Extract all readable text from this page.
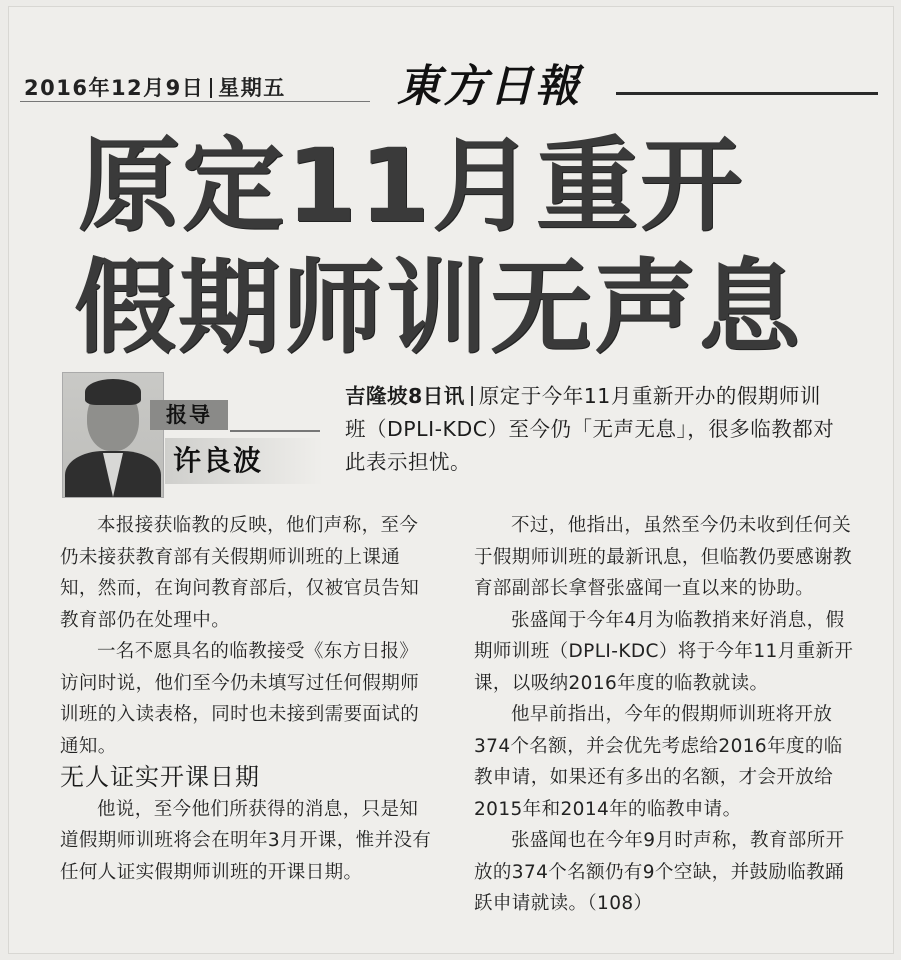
2016年12月9日 星期五	東方日報
原定11月重开
假期师训无声息
报导
许良波
吉隆坡8日讯 原定于今年11月重新开办的假期师训班（DPLI-KDC）至今仍「无声无息」，很多临教都对此表示担忧。

本报接获临教的反映，他们声称，至今仍未接获教育部有关假期师训班的上课通知，然而，在询问教育部后，仅被官员告知教育部仍在处理中。

一名不愿具名的临教接受《东方日报》访问时说，他们至今仍未填写过任何假期师训班的入读表格，同时也未接到需要面试的通知。

无人证实开课日期

他说，至今他们所获得的消息，只是知道假期师训班将会在明年3月开课，惟并没有任何人证实假期师训班的开课日期。

不过，他指出，虽然至今仍未收到任何关于假期师训班的最新讯息，但临教仍要感谢教育部副部长拿督张盛闻一直以来的协助。

张盛闻于今年4月为临教捎来好消息，假期师训班（DPLI-KDC）将于今年11月重新开课，以吸纳2016年度的临教就读。

他早前指出，今年的假期师训班将开放374个名额，并会优先考虑给2016年度的临教申请，如果还有多出的名额，才会开放给2015年和2014年的临教申请。

张盛闻也在今年9月时声称，教育部所开放的374个名额仍有9个空缺，并鼓励临教踊跃申请就读。（108）
